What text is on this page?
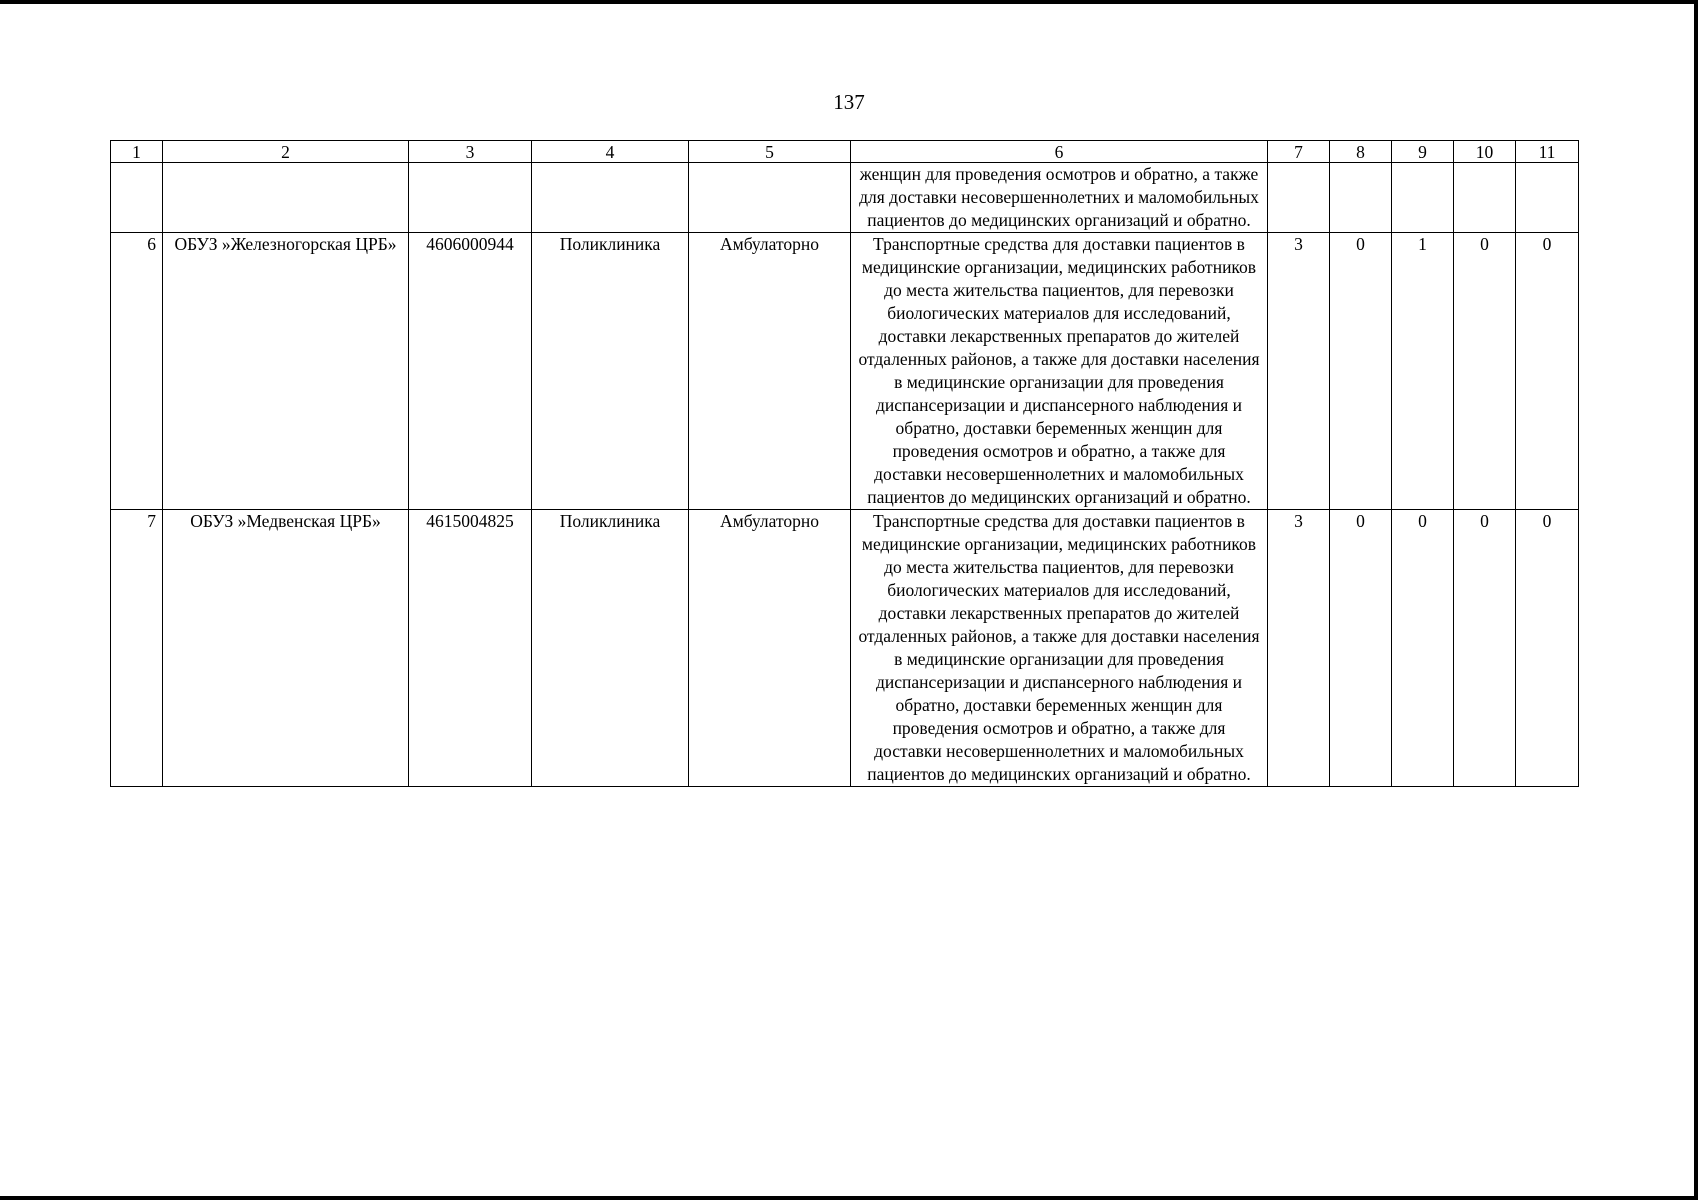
137
1	2	3	4	5	6	7	8	9	10	11
					женщин для проведения осмотров и обратно, а также для доставки несовершеннолетних и маломобильных пациентов до медицинских организаций и обратно.					
6	ОБУЗ »Железногорская ЦРБ»	4606000944	Поликлиника	Амбулаторно	Транспортные средства для доставки пациентов в медицинские организации, медицинских работников до места жительства пациентов, для перевозки биологических материалов для исследований, доставки лекарственных препаратов до жителей отдаленных районов, а также для доставки населения в медицинские организации для проведения диспансеризации и диспансерного наблюдения и обратно, доставки беременных женщин для проведения осмотров и обратно, а также для доставки несовершеннолетних и маломобильных пациентов до медицинских организаций и обратно.	3	0	1	0	0
7	ОБУЗ »Медвенская ЦРБ»	4615004825	Поликлиника	Амбулаторно	Транспортные средства для доставки пациентов в медицинские организации, медицинских работников до места жительства пациентов, для перевозки биологических материалов для исследований, доставки лекарственных препаратов до жителей отдаленных районов, а также для доставки населения в медицинские организации для проведения диспансеризации и диспансерного наблюдения и обратно, доставки беременных женщин для проведения осмотров и обратно, а также для доставки несовершеннолетних и маломобильных пациентов до медицинских организаций и обратно.	3	0	0	0	0
